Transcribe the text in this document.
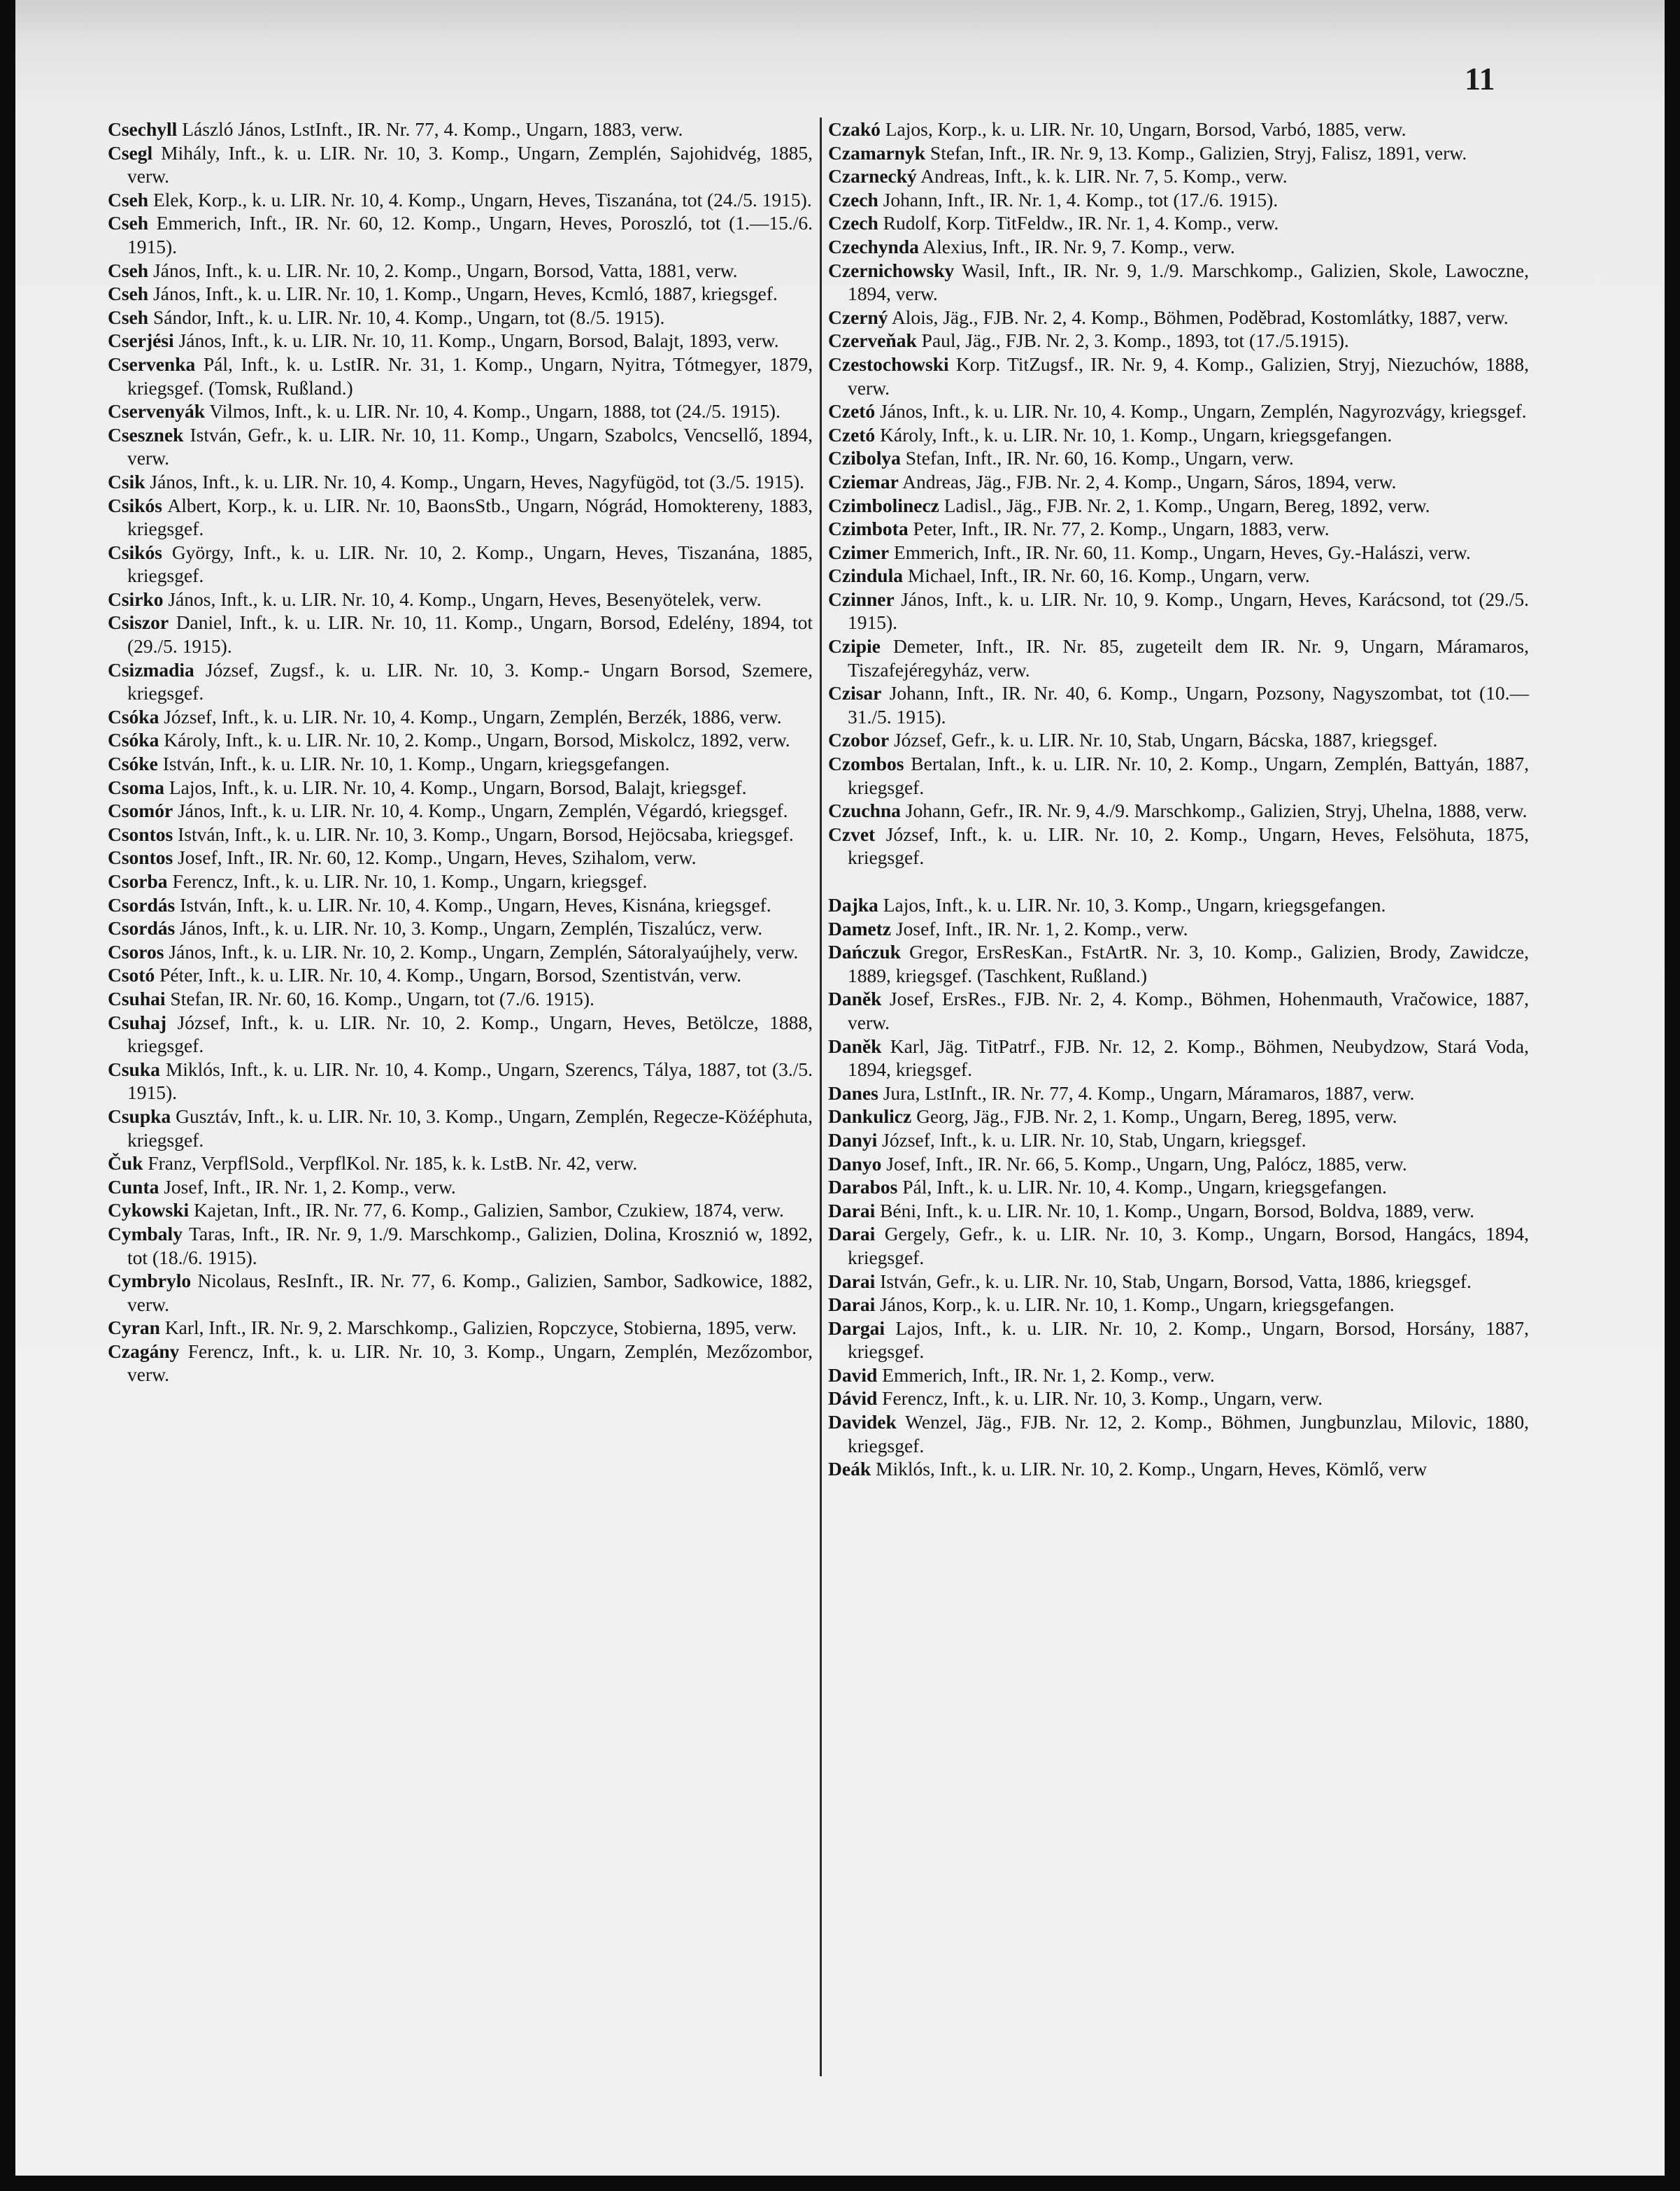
11

Csechyll László János, LstInft., IR. Nr. 77, 4. Komp., Ungarn, 1883, verw.

Csegl Mihály, Inft., k. u. LIR. Nr. 10, 3. Komp., Ungarn, Zemplén, Sajohidvég, 1885, verw.

Cseh Elek, Korp., k. u. LIR. Nr. 10, 4. Komp., Ungarn, Heves, Tiszanána, tot (24./5. 1915).

Cseh Emmerich, Inft., IR. Nr. 60, 12. Komp., Ungarn, Heves, Poroszló, tot (1.—15./6. 1915).

Cseh János, Inft., k. u. LIR. Nr. 10, 2. Komp., Ungarn, Borsod, Vatta, 1881, verw.

Cseh János, Inft., k. u. LIR. Nr. 10, 1. Komp., Ungarn, Heves, Kcmló, 1887, kriegsgef.

Cseh Sándor, Inft., k. u. LIR. Nr. 10, 4. Komp., Ungarn, tot (8./5. 1915).

Cserjési János, Inft., k. u. LIR. Nr. 10, 11. Komp., Ungarn, Borsod, Balajt, 1893, verw.

Cservenka Pál, Inft., k. u. LstIR. Nr. 31, 1. Komp., Ungarn, Nyitra, Tótmegyer, 1879, kriegsgef. (Tomsk, Rußland.)

Cservenyák Vilmos, Inft., k. u. LIR. Nr. 10, 4. Komp., Ungarn, 1888, tot (24./5. 1915).

Csesznek István, Gefr., k. u. LIR. Nr. 10, 11. Komp., Ungarn, Szabolcs, Vencsellő, 1894, verw.

Csik János, Inft., k. u. LIR. Nr. 10, 4. Komp., Ungarn, Heves, Nagyfügöd, tot (3./5. 1915).

Csikós Albert, Korp., k. u. LIR. Nr. 10, BaonsStb., Ungarn, Nógrád, Homoktereny, 1883, kriegsgef.

Csikós György, Inft., k. u. LIR. Nr. 10, 2. Komp., Ungarn, Heves, Tiszanána, 1885, kriegsgef.

Csirko János, Inft., k. u. LIR. Nr. 10, 4. Komp., Ungarn, Heves, Besenyötelek, verw.

Csiszor Daniel, Inft., k. u. LIR. Nr. 10, 11. Komp., Ungarn, Borsod, Edelény, 1894, tot (29./5. 1915).

Csizmadia József, Zugsf., k. u. LIR. Nr. 10, 3. Komp.- Ungarn Borsod, Szemere, kriegsgef.

Csóka József, Inft., k. u. LIR. Nr. 10, 4. Komp., Ungarn, Zemplén, Berzék, 1886, verw.

Csóka Károly, Inft., k. u. LIR. Nr. 10, 2. Komp., Ungarn, Borsod, Miskolcz, 1892, verw.

Csóke István, Inft., k. u. LIR. Nr. 10, 1. Komp., Ungarn, kriegsgefangen.

Csoma Lajos, Inft., k. u. LIR. Nr. 10, 4. Komp., Ungarn, Borsod, Balajt, kriegsgef.

Csomór János, Inft., k. u. LIR. Nr. 10, 4. Komp., Ungarn, Zemplén, Végardó, kriegsgef.

Csontos István, Inft., k. u. LIR. Nr. 10, 3. Komp., Ungarn, Borsod, Hejöcsaba, kriegsgef.

Csontos Josef, Inft., IR. Nr. 60, 12. Komp., Ungarn, Heves, Szihalom, verw.

Csorba Ferencz, Inft., k. u. LIR. Nr. 10, 1. Komp., Ungarn, kriegsgef.

Csordás István, Inft., k. u. LIR. Nr. 10, 4. Komp., Ungarn, Heves, Kisnána, kriegsgef.

Csordás János, Inft., k. u. LIR. Nr. 10, 3. Komp., Ungarn, Zemplén, Tiszalúcz, verw.

Csoros János, Inft., k. u. LIR. Nr. 10, 2. Komp., Ungarn, Zemplén, Sátoralyaújhely, verw.

Csotó Péter, Inft., k. u. LIR. Nr. 10, 4. Komp., Ungarn, Borsod, Szentistván, verw.

Csuhai Stefan, IR. Nr. 60, 16. Komp., Ungarn, tot (7./6. 1915).

Csuhaj József, Inft., k. u. LIR. Nr. 10, 2. Komp., Ungarn, Heves, Betölcze, 1888, kriegsgef.

Csuka Miklós, Inft., k. u. LIR. Nr. 10, 4. Komp., Ungarn, Szerencs, Tálya, 1887, tot (3./5. 1915).

Csupka Gusztáv, Inft., k. u. LIR. Nr. 10, 3. Komp., Ungarn, Zemplén, Regecze-Köźéphuta, kriegsgef.

Čuk Franz, VerpflSold., VerpflKol. Nr. 185, k. k. LstB. Nr. 42, verw.

Cunta Josef, Inft., IR. Nr. 1, 2. Komp., verw.

Cykowski Kajetan, Inft., IR. Nr. 77, 6. Komp., Galizien, Sambor, Czukiew, 1874, verw.

Cymbaly Taras, Inft., IR. Nr. 9, 1./9. Marschkomp., Galizien, Dolina, Krosznió w, 1892, tot (18./6. 1915).

Cymbrylo Nicolaus, ResInft., IR. Nr. 77, 6. Komp., Galizien, Sambor, Sadkowice, 1882, verw.

Cyran Karl, Inft., IR. Nr. 9, 2. Marschkomp., Galizien, Ropczyce, Stobierna, 1895, verw.

Czagány Ferencz, Inft., k. u. LIR. Nr. 10, 3. Komp., Ungarn, Zemplén, Mezőzombor, verw.

Czakó Lajos, Korp., k. u. LIR. Nr. 10, Ungarn, Borsod, Varbó, 1885, verw.

Czamarnyk Stefan, Inft., IR. Nr. 9, 13. Komp., Galizien, Stryj, Falisz, 1891, verw.

Czarnecký Andreas, Inft., k. k. LIR. Nr. 7, 5. Komp., verw.

Czech Johann, Inft., IR. Nr. 1, 4. Komp., tot (17./6. 1915).

Czech Rudolf, Korp. TitFeldw., IR. Nr. 1, 4. Komp., verw.

Czechynda Alexius, Inft., IR. Nr. 9, 7. Komp., verw.

Czernichowsky Wasil, Inft., IR. Nr. 9, 1./9. Marschkomp., Galizien, Skole, Lawoczne, 1894, verw.

Czerný Alois, Jäg., FJB. Nr. 2, 4. Komp., Böhmen, Poděbrad, Kostomlátky, 1887, verw.

Czerveňak Paul, Jäg., FJB. Nr. 2, 3. Komp., 1893, tot (17./5.1915).

Czestochowski Korp. TitZugsf., IR. Nr. 9, 4. Komp., Galizien, Stryj, Niezuchów, 1888, verw.

Czetó János, Inft., k. u. LIR. Nr. 10, 4. Komp., Ungarn, Zemplén, Nagyrozvágy, kriegsgef.

Czetó Károly, Inft., k. u. LIR. Nr. 10, 1. Komp., Ungarn, kriegsgefangen.

Czibolya Stefan, Inft., IR. Nr. 60, 16. Komp., Ungarn, verw.

Cziemar Andreas, Jäg., FJB. Nr. 2, 4. Komp., Ungarn, Sáros, 1894, verw.

Czimbolinecz Ladisl., Jäg., FJB. Nr. 2, 1. Komp., Ungarn, Bereg, 1892, verw.

Czimbota Peter, Inft., IR. Nr. 77, 2. Komp., Ungarn, 1883, verw.

Czimer Emmerich, Inft., IR. Nr. 60, 11. Komp., Ungarn, Heves, Gy.-Halászi, verw.

Czindula Michael, Inft., IR. Nr. 60, 16. Komp., Ungarn, verw.

Czinner János, Inft., k. u. LIR. Nr. 10, 9. Komp., Ungarn, Heves, Karácsond, tot (29./5. 1915).

Czipie Demeter, Inft., IR. Nr. 85, zugeteilt dem IR. Nr. 9, Ungarn, Máramaros, Tiszafejéregyház, verw.

Czisar Johann, Inft., IR. Nr. 40, 6. Komp., Ungarn, Pozsony, Nagyszombat, tot (10.—31./5. 1915).

Czobor József, Gefr., k. u. LIR. Nr. 10, Stab, Ungarn, Bácska, 1887, kriegsgef.

Czombos Bertalan, Inft., k. u. LIR. Nr. 10, 2. Komp., Ungarn, Zemplén, Battyán, 1887, kriegsgef.

Czuchna Johann, Gefr., IR. Nr. 9, 4./9. Marschkomp., Galizien, Stryj, Uhelna, 1888, verw.

Czvet József, Inft., k. u. LIR. Nr. 10, 2. Komp., Ungarn, Heves, Felsöhuta, 1875, kriegsgef.

Dajka Lajos, Inft., k. u. LIR. Nr. 10, 3. Komp., Ungarn, kriegsgefangen.

Dametz Josef, Inft., IR. Nr. 1, 2. Komp., verw.

Dańczuk Gregor, ErsResKan., FstArtR. Nr. 3, 10. Komp., Galizien, Brody, Zawidcze, 1889, kriegsgef. (Taschkent, Rußland.)

Daněk Josef, ErsRes., FJB. Nr. 2, 4. Komp., Böhmen, Hohenmauth, Vračowice, 1887, verw.

Daněk Karl, Jäg. TitPatrf., FJB. Nr. 12, 2. Komp., Böhmen, Neubydzow, Stará Voda, 1894, kriegsgef.

Danes Jura, LstInft., IR. Nr. 77, 4. Komp., Ungarn, Máramaros, 1887, verw.

Dankulicz Georg, Jäg., FJB. Nr. 2, 1. Komp., Ungarn, Bereg, 1895, verw.

Danyi József, Inft., k. u. LIR. Nr. 10, Stab, Ungarn, kriegsgef.

Danyo Josef, Inft., IR. Nr. 66, 5. Komp., Ungarn, Ung, Palócz, 1885, verw.

Darabos Pál, Inft., k. u. LIR. Nr. 10, 4. Komp., Ungarn, kriegsgefangen.

Darai Béni, Inft., k. u. LIR. Nr. 10, 1. Komp., Ungarn, Borsod, Boldva, 1889, verw.

Darai Gergely, Gefr., k. u. LIR. Nr. 10, 3. Komp., Ungarn, Borsod, Hangács, 1894, kriegsgef.

Darai István, Gefr., k. u. LIR. Nr. 10, Stab, Ungarn, Borsod, Vatta, 1886, kriegsgef.

Darai János, Korp., k. u. LIR. Nr. 10, 1. Komp., Ungarn, kriegsgefangen.

Dargai Lajos, Inft., k. u. LIR. Nr. 10, 2. Komp., Ungarn, Borsod, Horsány, 1887, kriegsgef.

David Emmerich, Inft., IR. Nr. 1, 2. Komp., verw.

Dávid Ferencz, Inft., k. u. LIR. Nr. 10, 3. Komp., Ungarn, verw.

Davidek Wenzel, Jäg., FJB. Nr. 12, 2. Komp., Böhmen, Jungbunzlau, Milovic, 1880, kriegsgef.

Deák Miklós, Inft., k. u. LIR. Nr. 10, 2. Komp., Ungarn, Heves, Kömlő, verw
